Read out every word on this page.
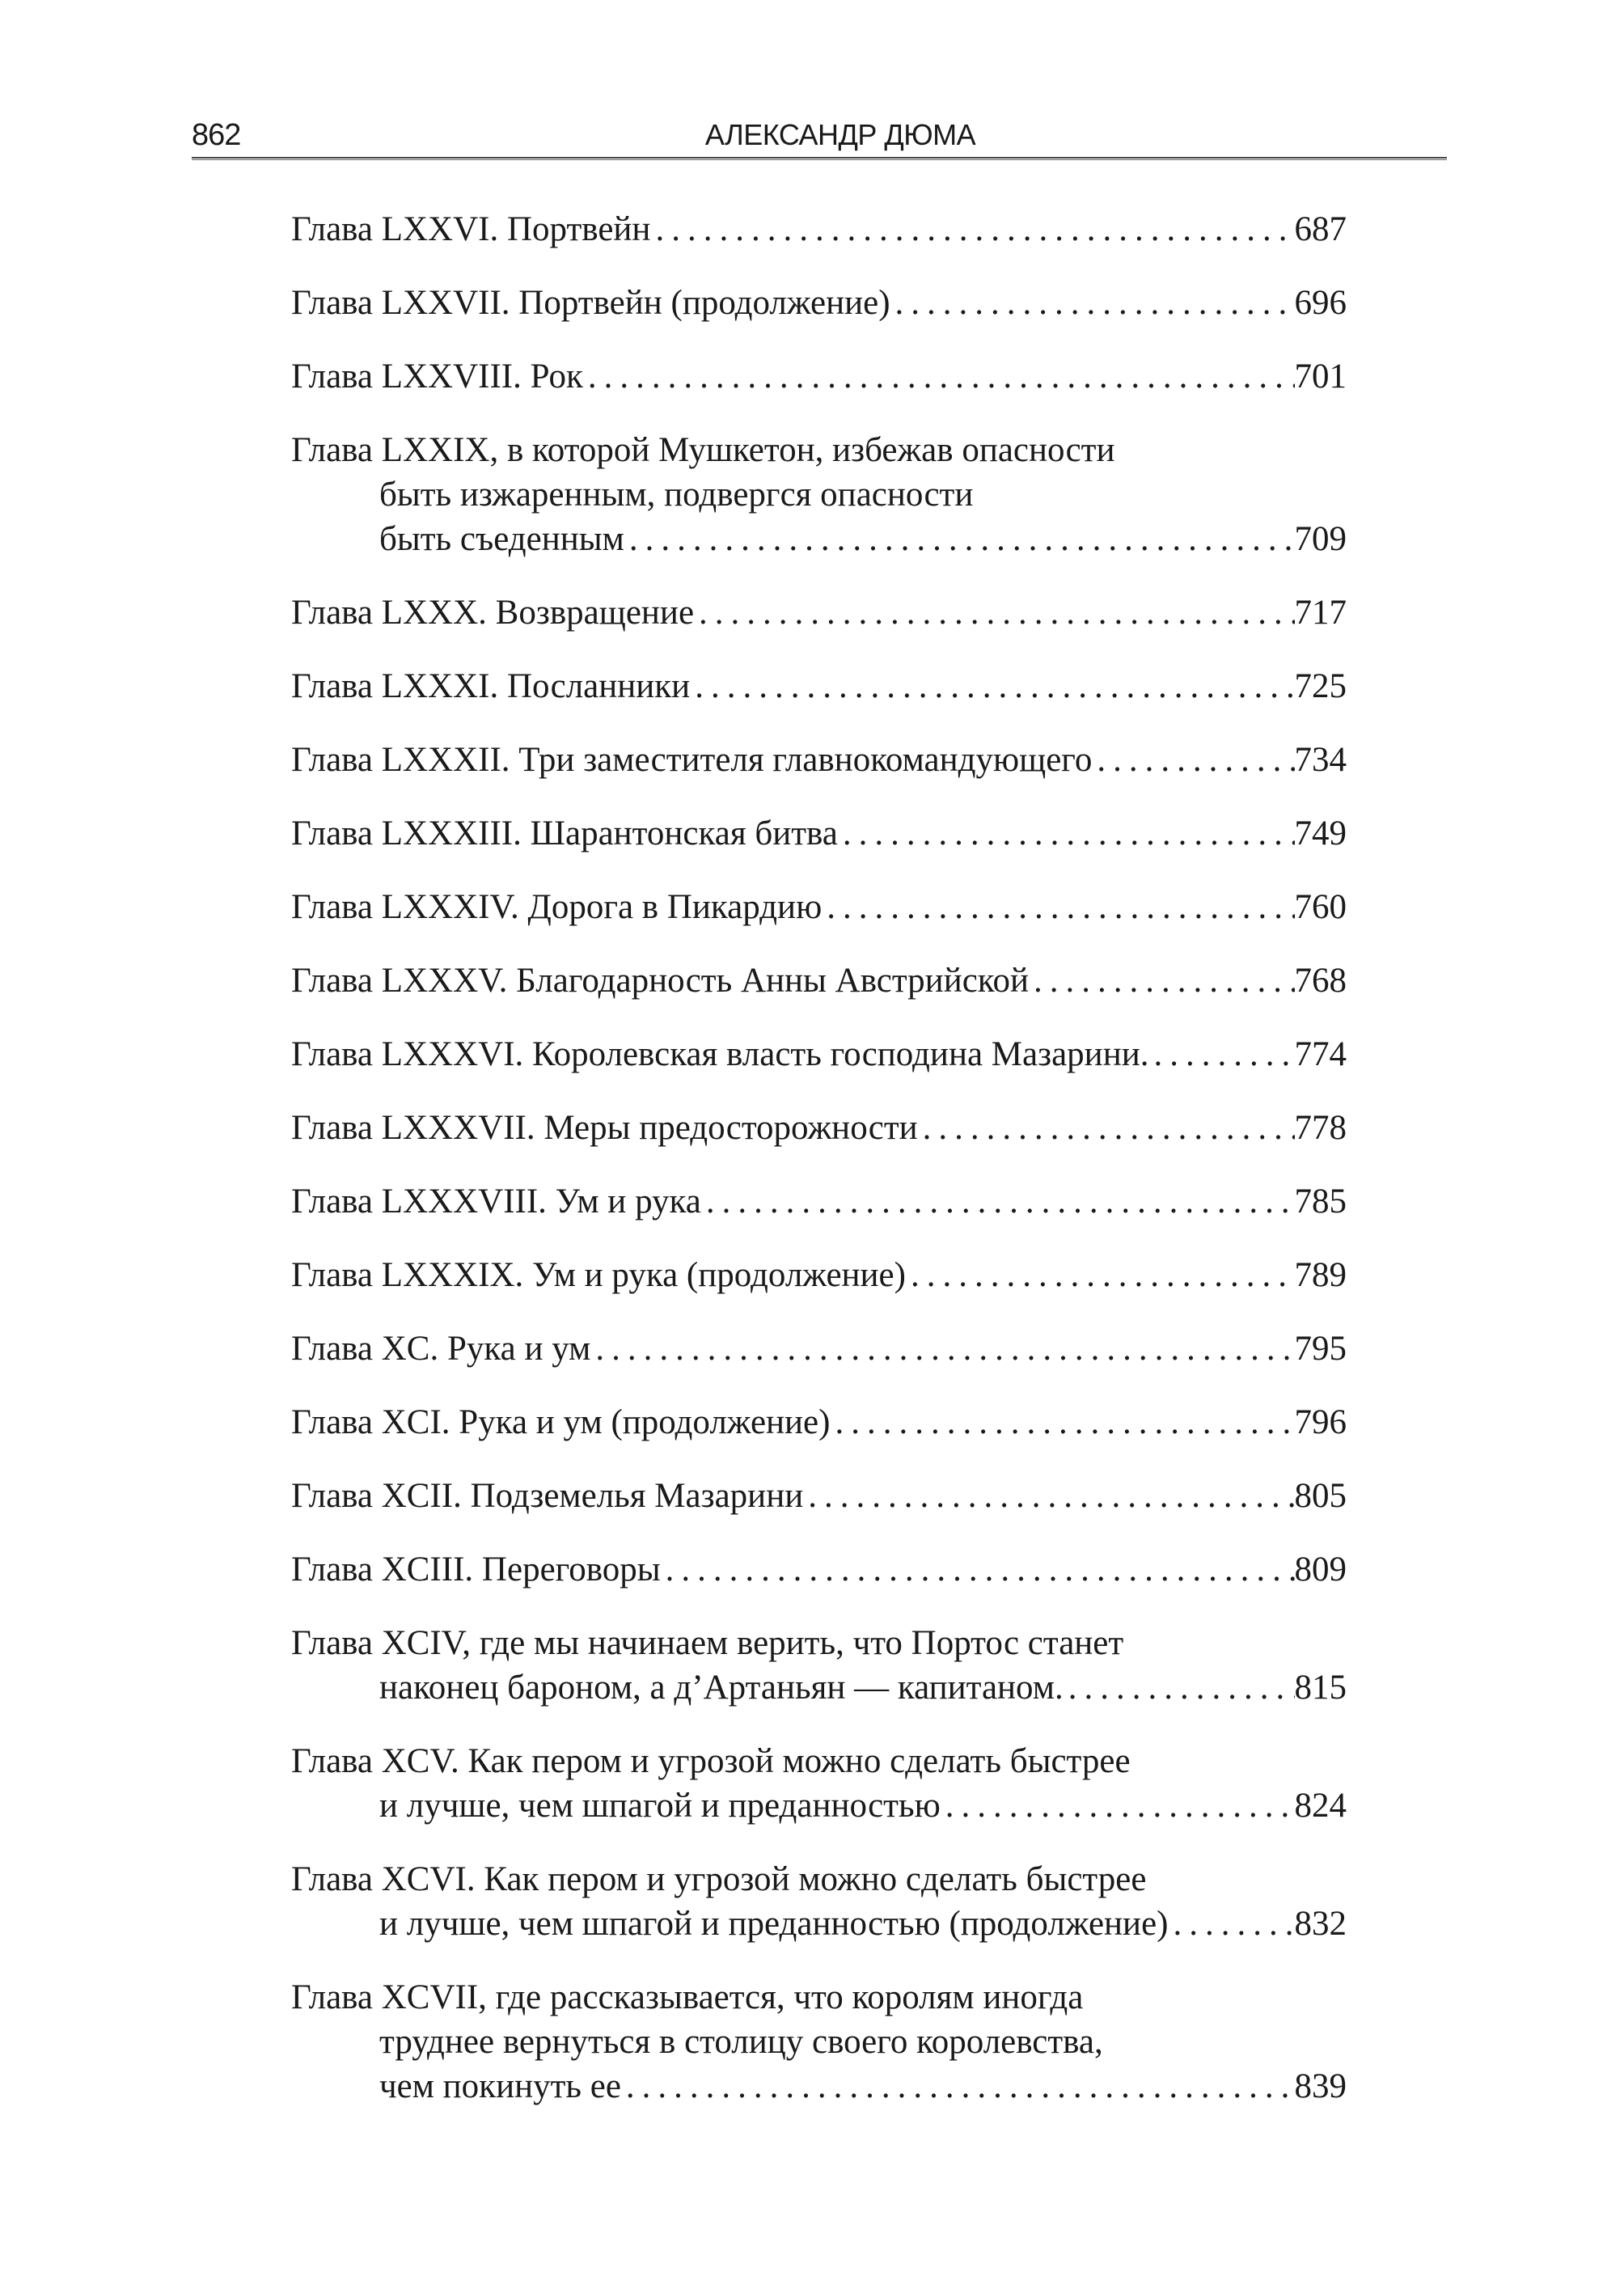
862	АЛЕКСАНДР ДЮМА
Глава LXXVI. Портвейн .....	687
Глава LXXVII. Портвейн (продолжение) .....	696
Глава LXXVIII. Рок .....	701
Глава LXXIX, в которой Мушкетон, избежав опасности
быть изжаренным, подвергся опасности
быть съеденным .....	709
Глава LXXX. Возвращение .....	717
Глава LXXXI. Посланники .....	725
Глава LXXXII. Три заместителя главнокомандующего .....	734
Глава LXXXIII. Шарантонская битва .....	749
Глава LXXXIV. Дорога в Пикардию .....	760
Глава LXXXV. Благодарность Анны Австрийской .....	768
Глава LXXXVI. Королевская власть господина Мазарини. .....	774
Глава LXXXVII. Меры предосторожности .....	778
Глава LXXXVIII. Ум и рука .....	785
Глава LXXXIX. Ум и рука (продолжение) .....	789
Глава XC. Рука и ум .....	795
Глава XCI. Рука и ум (продолжение) .....	796
Глава XCII. Подземелья Мазарини .....	805
Глава XCIII. Переговоры .....	809
Глава XCIV, где мы начинаем верить, что Портос станет
наконец бароном, а д’Артаньян — капитаном. .....	815
Глава XCV. Как пером и угрозой можно сделать быстрее
и лучше, чем шпагой и преданностью .....	824
Глава XCVI. Как пером и угрозой можно сделать быстрее
и лучше, чем шпагой и преданностью (продолжение) .....	832
Глава XCVII, где рассказывается, что королям иногда
труднее вернуться в столицу своего королевства,
чем покинуть ее .....	839
